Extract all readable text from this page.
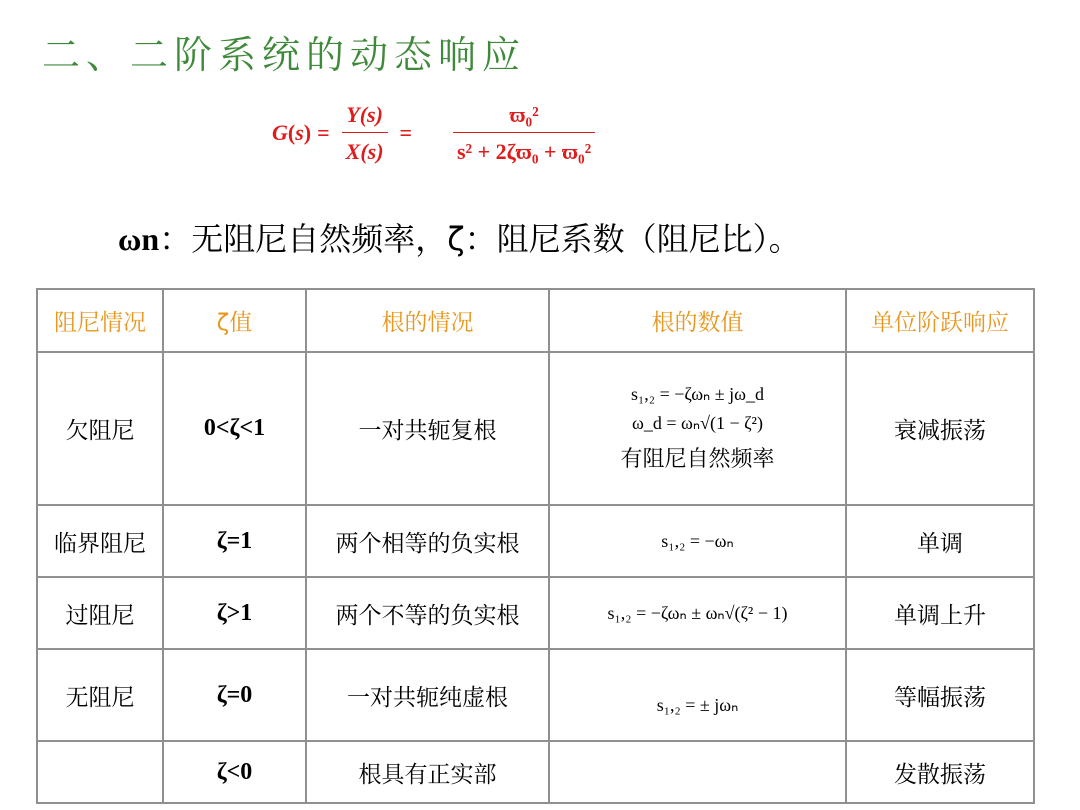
二、二阶系统的动态响应
G ( s ) = $\frac{Y(s)}{X(s)} = \frac{\text{ϖ₀²}}{\text{s² + 2ζϖ₀ + ϖ₀²}}$
ωn：无阻尼自然频率，ζ：阻尼系数（阻尼比）。
阻尼情况	ζ值	根的情况	根的数值	单位阶跃响应
欠阻尼	0<ζ<1	一对共轭复根	s₁,₂ = −ζωₙ ± jω_d
ω_d = ωₙ√(1 − ζ²)
有阻尼自然频率	衰减振荡
临界阻尼	ζ=1	两个相等的负实根	s₁,₂ = −ωₙ	单调
过阻尼	ζ>1	两个不等的负实根	s₁,₂ = −ζωₙ ± ωₙ√(ζ² − 1)	单调上升
无阻尼	ζ=0	一对共轭纯虚根	s₁,₂ = ± jωₙ	等幅振荡
	ζ<0	根具有正实部		发散振荡
